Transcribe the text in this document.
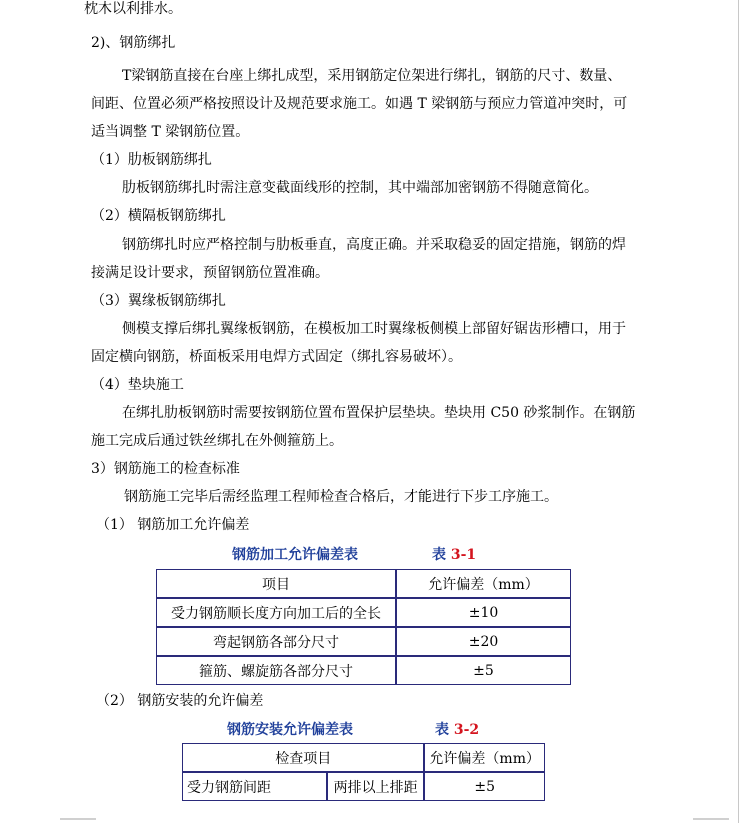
枕木以利排水。
2)、钢筋绑扎
T梁钢筋直接在台座上绑扎成型，采用钢筋定位架进行绑扎，钢筋的尺寸、数量、
间距、位置必须严格按照设计及规范要求施工。如遇 T 梁钢筋与预应力管道冲突时，可
适当调整 T 梁钢筋位置。
（1）肋板钢筋绑扎
肋板钢筋绑扎时需注意变截面线形的控制，其中端部加密钢筋不得随意简化。
（2）横隔板钢筋绑扎
钢筋绑扎时应严格控制与肋板垂直，高度正确。并采取稳妥的固定措施，钢筋的焊
接满足设计要求，预留钢筋位置准确。
（3）翼缘板钢筋绑扎
侧模支撑后绑扎翼缘板钢筋，在模板加工时翼缘板侧模上部留好锯齿形槽口，用于
固定横向钢筋，桥面板采用电焊方式固定（绑扎容易破坏）。
（4）垫块施工
在绑扎肋板钢筋时需要按钢筋位置布置保护层垫块。垫块用 C50 砂浆制作。在钢筋
施工完成后通过铁丝绑扎在外侧箍筋上。
3）钢筋施工的检查标准
钢筋施工完毕后需经监理工程师检查合格后，才能进行下步工序施工。
（1） 钢筋加工允许偏差
钢筋加工允许偏差表	表 3-1
项目	允许偏差（mm）
受力钢筋顺长度方向加工后的全长	±10
弯起钢筋各部分尺寸	±20
箍筋、螺旋筋各部分尺寸	±5
（2） 钢筋安装的允许偏差
钢筋安装允许偏差表	表 3-2
检查项目		允许偏差（mm）
受力钢筋间距	两排以上排距	±5
